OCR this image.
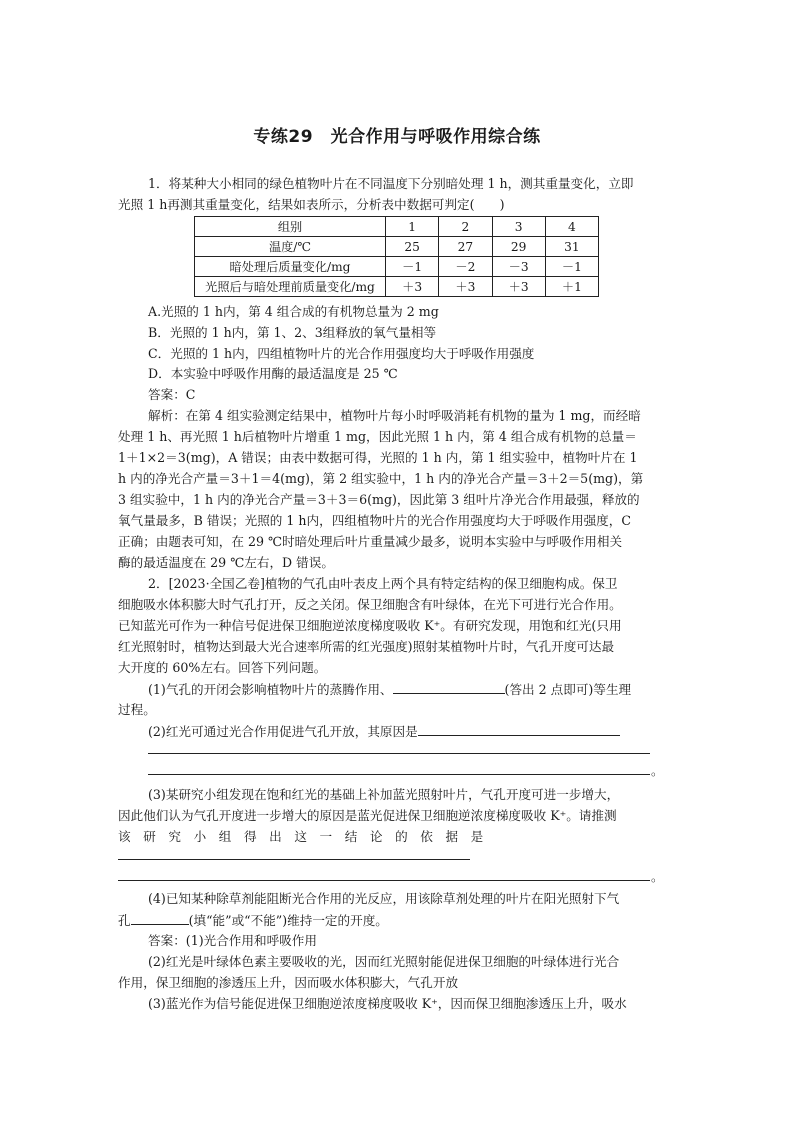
专练29　光合作用与呼吸作用综合练
1．将某种大小相同的绿色植物叶片在不同温度下分别暗处理 1 h，测其重量变化，立即
光照 1 h再测其重量变化，结果如表所示，分析表中数据可判定(　　)
组别	1	2	3	4
温度/℃	25	27	29	31
暗处理后质量变化/mg	－1	－2	－3	－1
光照后与暗处理前质量变化/mg	＋3	＋3	＋3	＋1
A.光照的 1 h内，第 4 组合成的有机物总量为 2 mg
B．光照的 1 h内，第 1、2、3组释放的氧气量相等
C．光照的 1 h内，四组植物叶片的光合作用强度均大于呼吸作用强度
D．本实验中呼吸作用酶的最适温度是 25 ℃
答案：C
解析：在第 4 组实验测定结果中，植物叶片每小时呼吸消耗有机物的量为 1 mg，而经暗
处理 1 h、再光照 1 h后植物叶片增重 1 mg，因此光照 1 h 内，第 4 组合成有机物的总量＝
1＋1×2＝3(mg)，A 错误；由表中数据可得，光照的 1 h 内，第 1 组实验中，植物叶片在 1
h 内的净光合产量＝3＋1＝4(mg)，第 2 组实验中，1 h 内的净光合产量＝3＋2＝5(mg)，第
3 组实验中，1 h 内的净光合产量＝3＋3＝6(mg)，因此第 3 组叶片净光合作用最强，释放的
氧气量最多，B 错误；光照的 1 h内，四组植物叶片的光合作用强度均大于呼吸作用强度，C
正确；由题表可知，在 29 ℃时暗处理后叶片重量减少最多，说明本实验中与呼吸作用相关
酶的最适温度在 29 ℃左右，D 错误。
2．[2023·全国乙卷]植物的气孔由叶表皮上两个具有特定结构的保卫细胞构成。保卫
细胞吸水体积膨大时气孔打开，反之关闭。保卫细胞含有叶绿体，在光下可进行光合作用。
已知蓝光可作为一种信号促进保卫细胞逆浓度梯度吸收 K⁺。有研究发现，用饱和红光(只用
红光照射时，植物达到最大光合速率所需的红光强度)照射某植物叶片时，气孔开度可达最
大开度的 60%左右。回答下列问题。
(1)气孔的开闭会影响植物叶片的蒸腾作用、	(答出 2 点即可)等生理
过程。
(2)红光可通过光合作用促进气孔开放，其原因是
。
(3)某研究小组发现在饱和红光的基础上补加蓝光照射叶片，气孔开度可进一步增大，
因此他们认为气孔开度进一步增大的原因是蓝光促进保卫细胞逆浓度梯度吸收 K⁺。请推测
该　研　究　小　组　得　出　这　一　结　论　的　依　据　是
。
(4)已知某种除草剂能阻断光合作用的光反应，用该除草剂处理的叶片在阳光照射下气
孔	(填“能”或“不能”)维持一定的开度。
答案：(1)光合作用和呼吸作用
(2)红光是叶绿体色素主要吸收的光，因而红光照射能促进保卫细胞的叶绿体进行光合
作用，保卫细胞的渗透压上升，因而吸水体积膨大，气孔开放
(3)蓝光作为信号能促进保卫细胞逆浓度梯度吸收 K⁺，因而保卫细胞渗透压上升，吸水
